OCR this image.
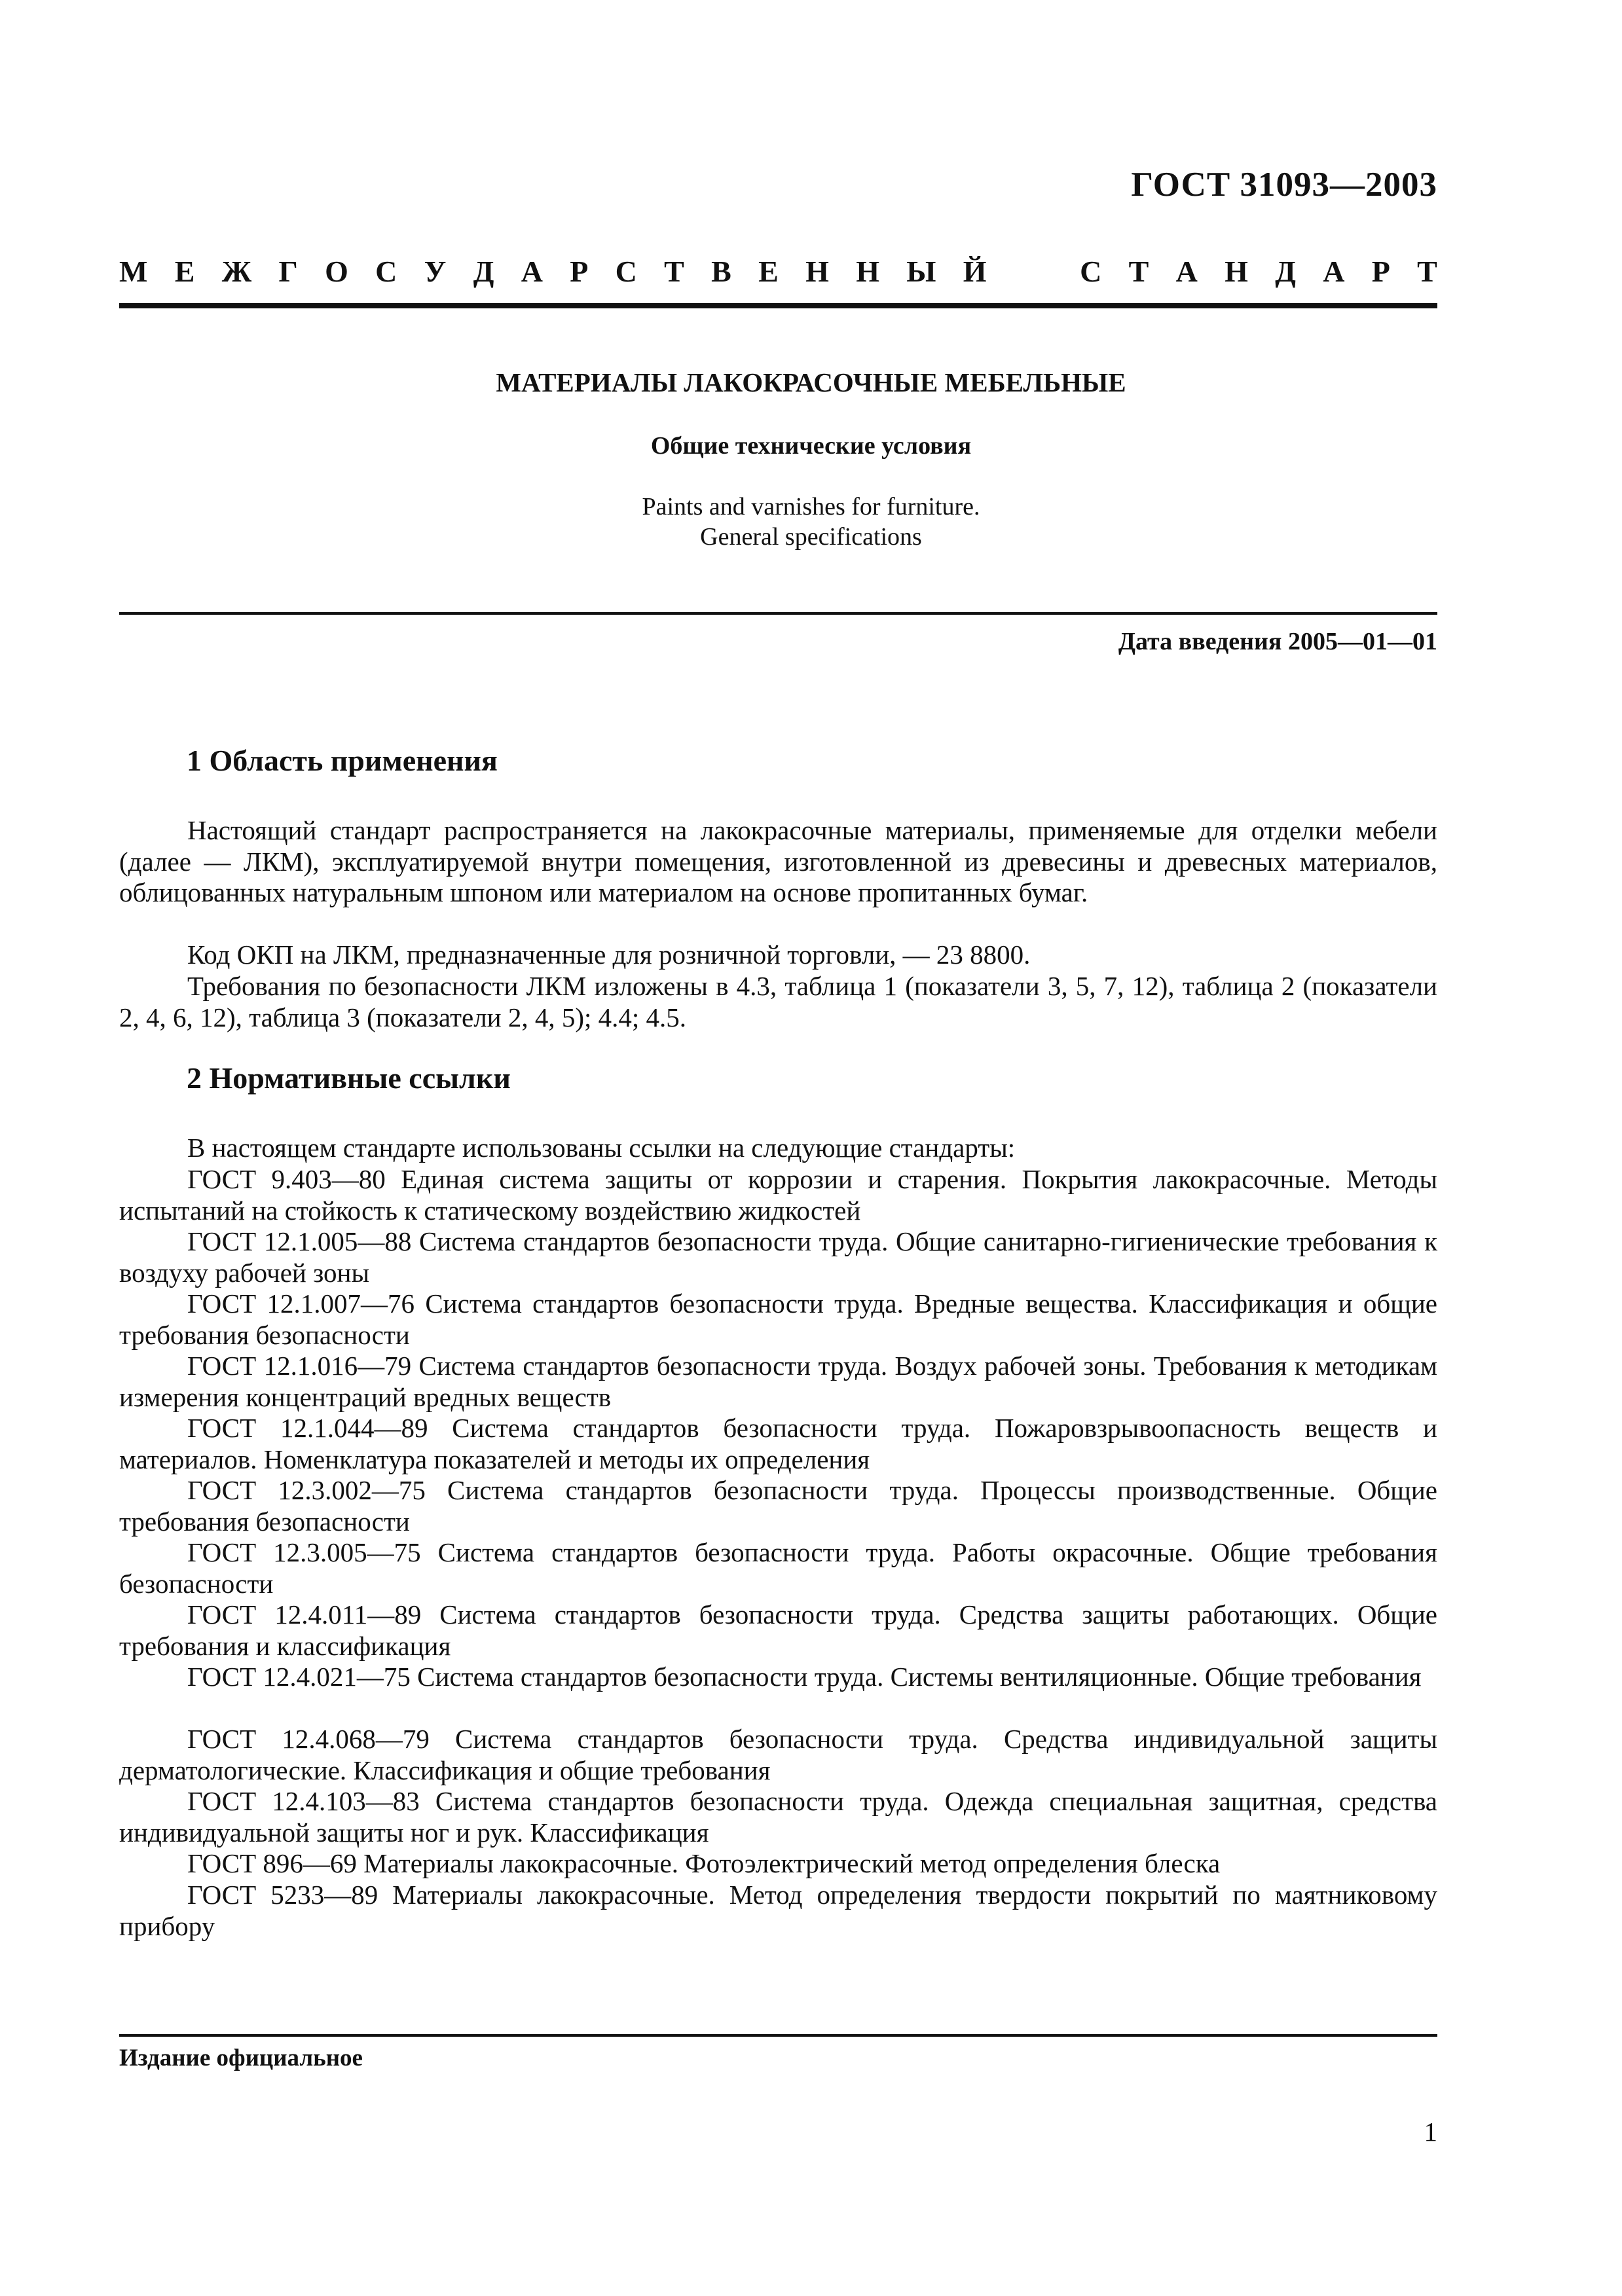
ГОСТ 31093—2003
М Е Ж Г О С У Д А Р С Т В Е Н Н Ы Й	С Т А Н Д А Р Т
МАТЕРИАЛЫ ЛАКОКРАСОЧНЫЕ МЕБЕЛЬНЫЕ
Общие технические условия
Paints and varnishes for furniture.
General specifications
Дата введения 2005—01—01
1 Область применения

Настоящий стандарт распространяется на лакокрасочные материалы, применяемые для отделки мебели (далее — ЛКМ), эксплуатируемой внутри помещения, изготовленной из древесины и древесных материалов, облицованных натуральным шпоном или материалом на основе пропитанных бумаг.

Код ОКП на ЛКМ, предназначенные для розничной торговли, — 23 8800.

Требования по безопасности ЛКМ изложены в 4.3, таблица 1 (показатели 3, 5, 7, 12), таблица 2 (показатели 2, 4, 6, 12), таблица 3 (показатели 2, 4, 5); 4.4; 4.5.

2 Нормативные ссылки

В настоящем стандарте использованы ссылки на следующие стандарты:

ГОСТ 9.403—80 Единая система защиты от коррозии и старения. Покрытия лакокрасочные. Методы испытаний на стойкость к статическому воздействию жидкостей

ГОСТ 12.1.005—88 Система стандартов безопасности труда. Общие санитарно-гигиенические требования к воздуху рабочей зоны

ГОСТ 12.1.007—76 Система стандартов безопасности труда. Вредные вещества. Классификация и общие требования безопасности

ГОСТ 12.1.016—79 Система стандартов безопасности труда. Воздух рабочей зоны. Требования к методикам измерения концентраций вредных веществ

ГОСТ 12.1.044—89 Система стандартов безопасности труда. Пожаровзрывоопасность веществ и материалов. Номенклатура показателей и методы их определения

ГОСТ 12.3.002—75 Система стандартов безопасности труда. Процессы производственные. Общие требования безопасности

ГОСТ 12.3.005—75 Система стандартов безопасности труда. Работы окрасочные. Общие требования безопасности

ГОСТ 12.4.011—89 Система стандартов безопасности труда. Средства защиты работающих. Общие требования и классификация

ГОСТ 12.4.021—75 Система стандартов безопасности труда. Системы вентиляционные. Общие требования

ГОСТ 12.4.068—79 Система стандартов безопасности труда. Средства индивидуальной защиты дерматологические. Классификация и общие требования

ГОСТ 12.4.103—83 Система стандартов безопасности труда. Одежда специальная защитная, средства индивидуальной защиты ног и рук. Классификация

ГОСТ 896—69 Материалы лакокрасочные. Фотоэлектрический метод определения блеска

ГОСТ 5233—89 Материалы лакокрасочные. Метод определения твердости покрытий по маятниковому прибору

Издание официальное
1
